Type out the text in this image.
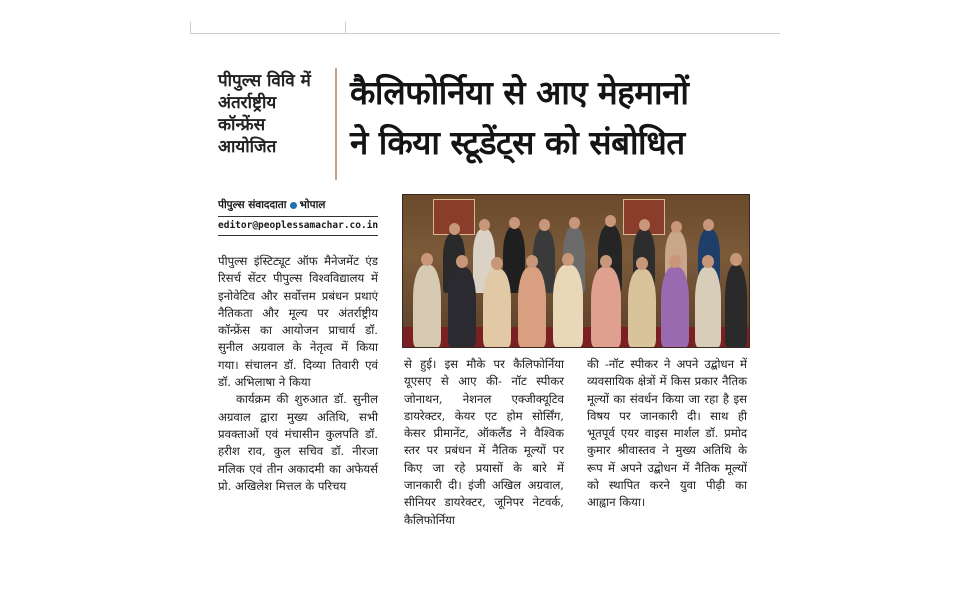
पीपुल्स विवि में अंतर्राष्ट्रीय कॉन्फ्रेंस आयोजित
कैलिफोर्निया से आए मेहमानों
ने किया स्टूडेंट्स को संबोधित
पीपुल्स संवाददाता भोपाल
editor@peoplessamachar.co.in

पीपुल्स इंस्टिट्यूट ऑफ मैनेजमेंट एंड रिसर्च सेंटर पीपुल्स विश्वविद्यालय में इनोवेटिव और सर्वोत्तम प्रबंधन प्रथाएं नैतिकता और मूल्य पर अंतर्राष्ट्रीय कॉन्फ्रेंस का आयोजन प्राचार्य डॉ. सुनील अग्रवाल के नेतृत्व में किया गया। संचालन डॉ. दिव्या तिवारी एवं डॉ. अभिलाषा ने किया

कार्यक्रम की शुरुआत डॉ. सुनील अग्रवाल द्वारा मुख्य अतिथि, सभी प्रवक्ताओं एवं मंचासीन कुलपति डॉ. हरीश राव, कुल सचिव डॉ. नीरजा मलिक एवं तीन अकादमी का अफेयर्स प्रो. अखिलेश मित्तल के परिचय

से हुई। इस मौके पर कैलिफोर्निया यूएसए से आए की- नॉट स्पीकर जोनाथन, नेशनल एक्जीक्यूटिव डायरेक्टर, केयर एट होम सोर्सिंग, केसर प्रीमानेंट, ऑकलैंड ने वैश्विक स्तर पर प्रबंधन में नैतिक मूल्यों पर किए जा रहे प्रयासों के बारे में जानकारी दी। इंजी अखिल अग्रवाल, सीनियर डायरेक्टर, जूनिपर नेटवर्क, कैलिफोर्निया

की -नॉट स्पीकर ने अपने उद्बोधन में व्यवसायिक क्षेत्रों में किस प्रकार नैतिक मूल्यों का संवर्धन किया जा रहा है इस विषय पर जानकारी दी। साथ ही भूतपूर्व एयर वाइस मार्शल डॉ. प्रमोद कुमार श्रीवास्तव ने मुख्य अतिथि के रूप में अपने उद्बोधन में नैतिक मूल्यों को स्थापित करने युवा पीढ़ी का आह्वान किया।
